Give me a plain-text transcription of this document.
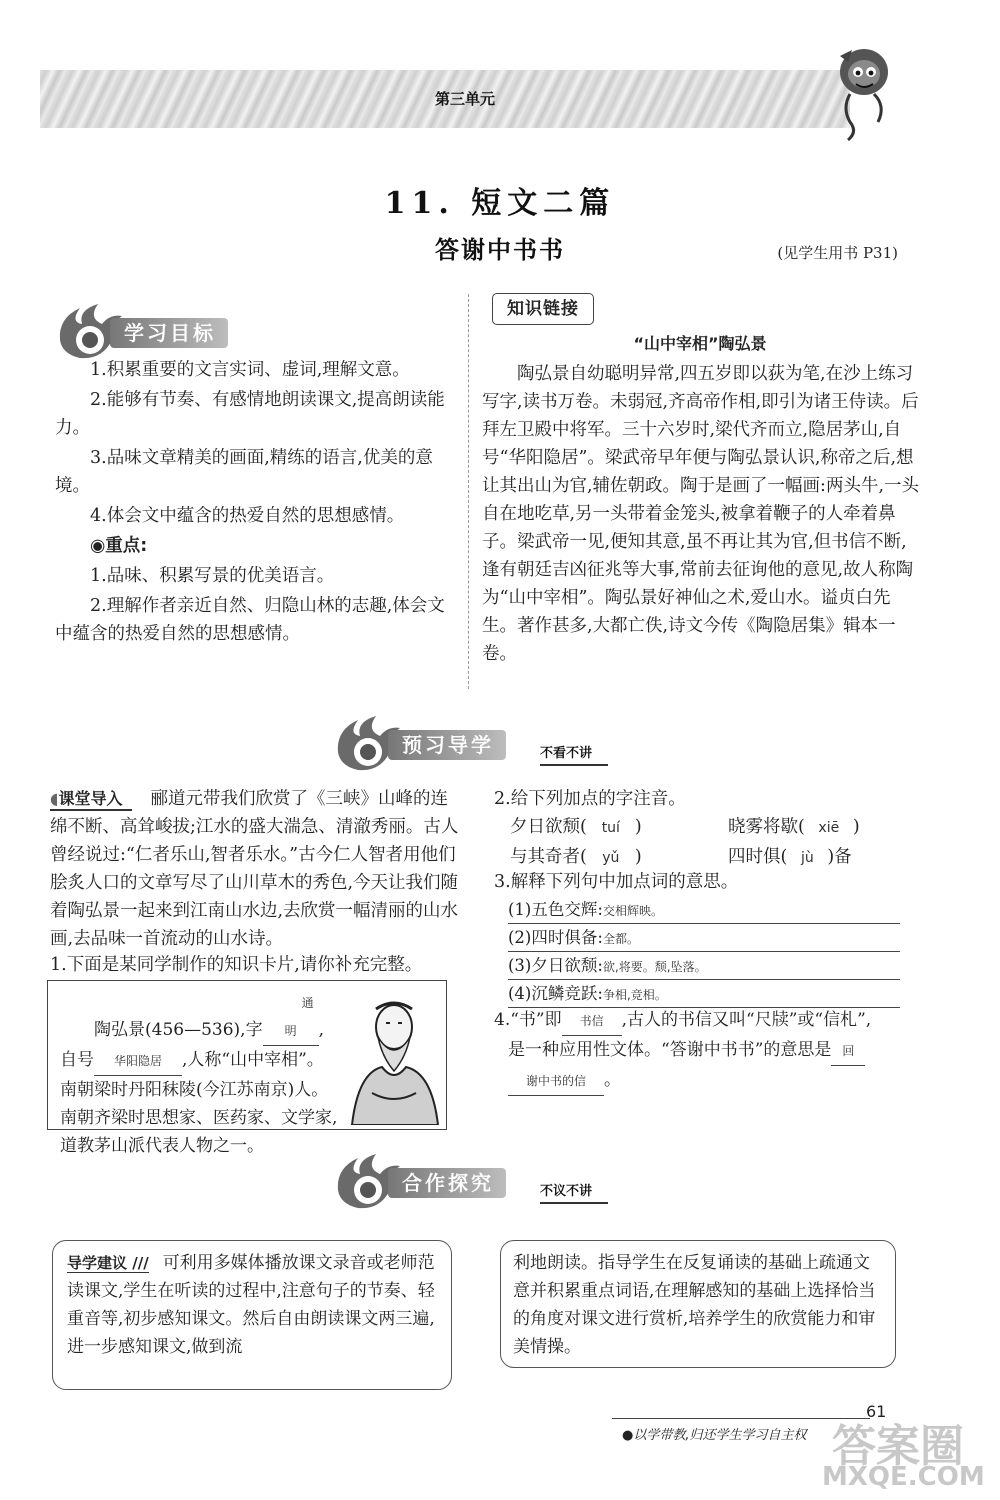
第三单元
11. 短文二篇
答谢中书书	(见学生用书 P31)
学习目标

1.积累重要的文言实词、虚词,理解文意。

2.能够有节奏、有感情地朗读课文,提高朗读能力。

3.品味文章精美的画面,精练的语言,优美的意境。

4.体会文中蕴含的热爱自然的思想感情。

◉重点:

1.品味、积累写景的优美语言。

2.理解作者亲近自然、归隐山林的志趣,体会文中蕴含的热爱自然的思想感情。

知识链接
“山中宰相”陶弘景
陶弘景自幼聪明异常,四五岁即以荻为笔,在沙上练习写字,读书万卷。未弱冠,齐高帝作相,即引为诸王侍读。后拜左卫殿中将军。三十六岁时,梁代齐而立,隐居茅山,自号“华阳隐居”。梁武帝早年便与陶弘景认识,称帝之后,想让其出山为官,辅佐朝政。陶于是画了一幅画:两头牛,一头自在地吃草,另一头带着金笼头,被拿着鞭子的人牵着鼻子。梁武帝一见,便知其意,虽不再让其为官,但书信不断,逢有朝廷吉凶征兆等大事,常前去征询他的意见,故人称陶为“山中宰相”。陶弘景好神仙之术,爱山水。谥贞白先生。著作甚多,大都亡佚,诗文今传《陶隐居集》辑本一卷。
预习导学	不看不讲
◖课堂导入 郦道元带我们欣赏了《三峡》山峰的连绵不断、高耸峻拔;江水的盛大湍急、清澈秀丽。古人曾经说过:“仁者乐山,智者乐水。”古今仁人智者用他们脍炙人口的文章写尽了山川草木的秀色,今天让我们随着陶弘景一起来到江南山水边,去欣赏一幅清丽的山水画,去品味一首流动的山水诗。
1.下面是某同学制作的知识卡片,请你补充完整。
陶弘景(456—536),字通明 ,
自号 华阳隐居 ,人称“山中宰相”。
南朝梁时丹阳秣陵(今江苏南京)人。
南朝齐梁时思想家、医药家、文学家,
道教茅山派代表人物之一。
2.给下列加点的字注音。
夕日欲颓( tuí )	晓雾将歇( xiē )
与其奇者( yǔ )	四时俱( jù )备
3.解释下列句中加点词的意思。
(1)五色交辉:交相辉映。
(2)四时俱备:全都。
(3)夕日欲颓:欲,将要。颓,坠落。
(4)沉鳞竞跃:争相,竞相。
4.“书”即 书信 ,古人的书信又叫“尺牍”或“信札”,
是一种应用性文体。“答谢中书书”的意思是 回
谢中书的信 。
合作探究	不议不讲
导学建议 /// 可利用多媒体播放课文录音或老师范读课文,学生在听读的过程中,注意句子的节奏、轻重音等,初步感知课文。然后自由朗读课文两三遍,进一步感知课文,做到流
利地朗读。指导学生在反复诵读的基础上疏通文意并积累重点词语,在理解感知的基础上选择恰当的角度对课文进行赏析,培养学生的欣赏能力和审美情操。
●以学带教,归还学生学习自主权
61
答案圈
MXQE.COM
